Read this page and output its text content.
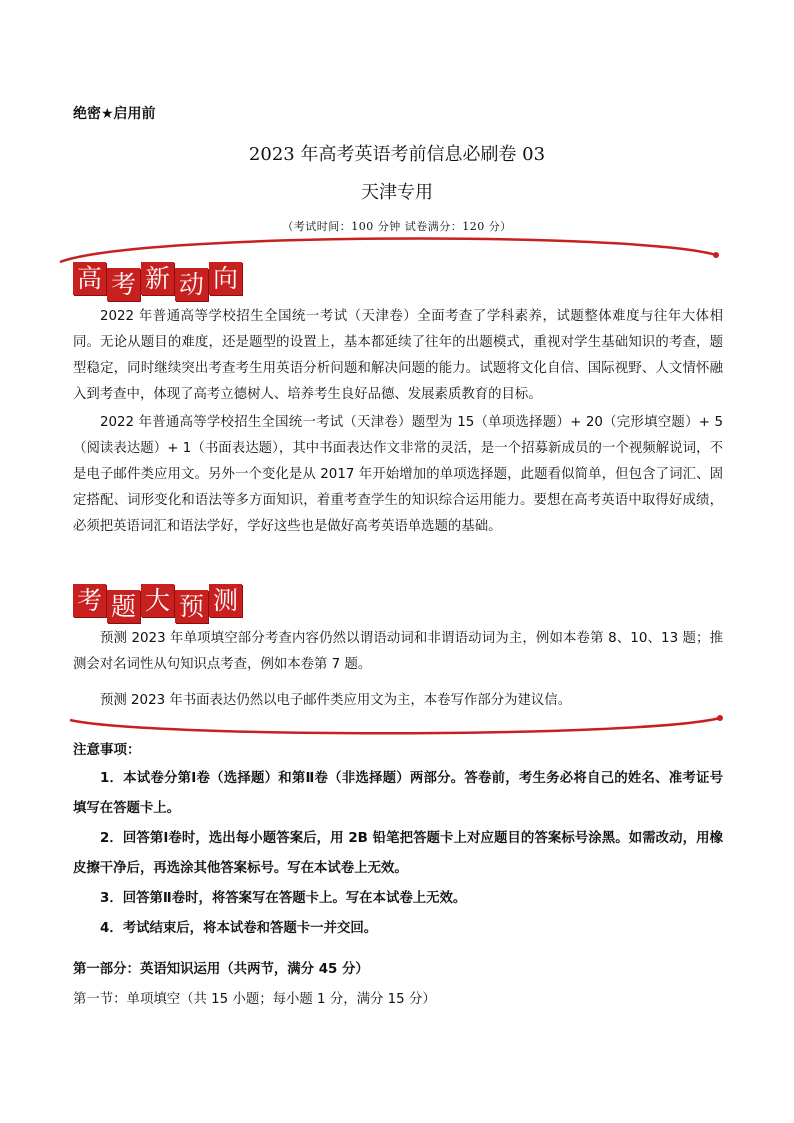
绝密★启用前
2023 年高考英语考前信息必刷卷 03
天津专用
（考试时间：100 分钟 试卷满分：120 分）
高 考 新 动 向

2022 年普通高等学校招生全国统一考试（天津卷）全面考查了学科素养，试题整体难度与往年大体相同。无论从题目的难度，还是题型的设置上，基本都延续了往年的出题模式，重视对学生基础知识的考查，题型稳定，同时继续突出考查考生用英语分析问题和解决问题的能力。试题将文化自信、国际视野、人文情怀融入到考查中，体现了高考立德树人、培养考生良好品德、发展素质教育的目标。

2022 年普通高等学校招生全国统一考试（天津卷）题型为 15（单项选择题）+ 20（完形填空题）+ 5（阅读表达题）+ 1（书面表达题），其中书面表达作文非常的灵活，是一个招募新成员的一个视频解说词，不是电子邮件类应用文。另外一个变化是从 2017 年开始增加的单项选择题，此题看似简单，但包含了词汇、固定搭配、词形变化和语法等多方面知识，着重考查学生的知识综合运用能力。要想在高考英语中取得好成绩，必须把英语词汇和语法学好，学好这些也是做好高考英语单选题的基础。

考 题 大 预 测

预测 2023 年单项填空部分考查内容仍然以谓语动词和非谓语动词为主，例如本卷第 8、10、13 题；推测会对名词性从句知识点考查，例如本卷第 7 题。

预测 2023 年书面表达仍然以电子邮件类应用文为主，本卷写作部分为建议信。

注意事项：

1．本试卷分第Ⅰ卷（选择题）和第Ⅱ卷（非选择题）两部分。答卷前，考生务必将自己的姓名、准考证号填写在答题卡上。

2．回答第Ⅰ卷时，选出每小题答案后，用 2B 铅笔把答题卡上对应题目的答案标号涂黑。如需改动，用橡皮擦干净后，再选涂其他答案标号。写在本试卷上无效。

3．回答第Ⅱ卷时，将答案写在答题卡上。写在本试卷上无效。

4．考试结束后，将本试卷和答题卡一并交回。

第一部分：英语知识运用（共两节，满分 45 分）
第一节：单项填空（共 15 小题；每小题 1 分，满分 15 分）
